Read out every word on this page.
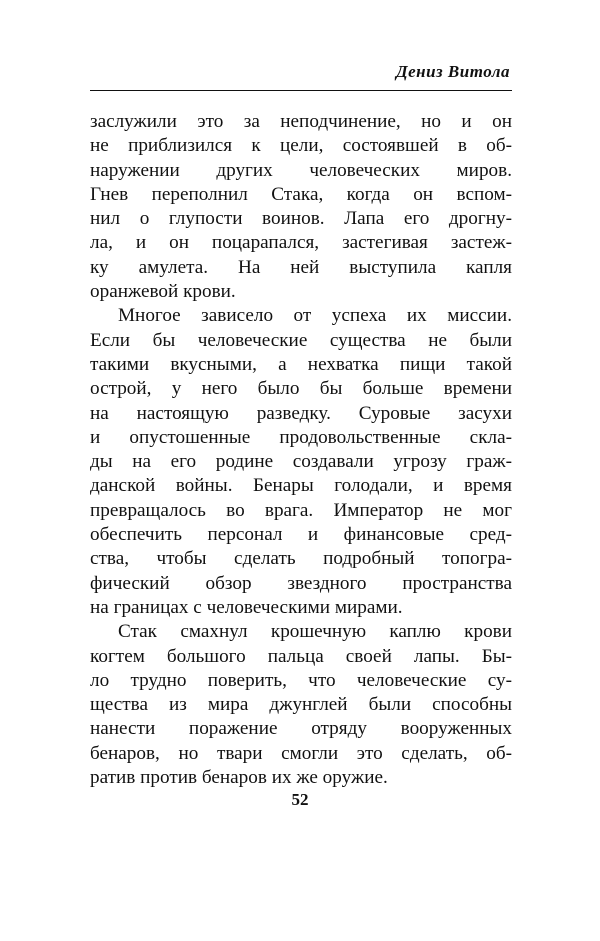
Дениз Витола
заслужили это за неподчинение, но и он
не приблизился к цели, состоявшей в об-
наружении других человеческих миров.
Гнев переполнил Стака, когда он вспом-
нил о глупости воинов. Лапа его дрогну-
ла, и он поцарапался, застегивая застеж-
ку амулета. На ней выступила капля
оранжевой крови.
Многое зависело от успеха их миссии.
Если бы человеческие существа не были
такими вкусными, а нехватка пищи такой
острой, у него было бы больше времени
на настоящую разведку. Суровые засухи
и опустошенные продовольственные скла-
ды на его родине создавали угрозу граж-
данской войны. Бенары голодали, и время
превращалось во врага. Император не мог
обеспечить персонал и финансовые сред-
ства, чтобы сделать подробный топогра-
фический обзор звездного пространства
на границах с человеческими мирами.
Стак смахнул крошечную каплю крови
когтем большого пальца своей лапы. Бы-
ло трудно поверить, что человеческие су-
щества из мира джунглей были способны
нанести поражение отряду вооруженных
бенаров, но твари смогли это сделать, об-
ратив против бенаров их же оружие.
52
